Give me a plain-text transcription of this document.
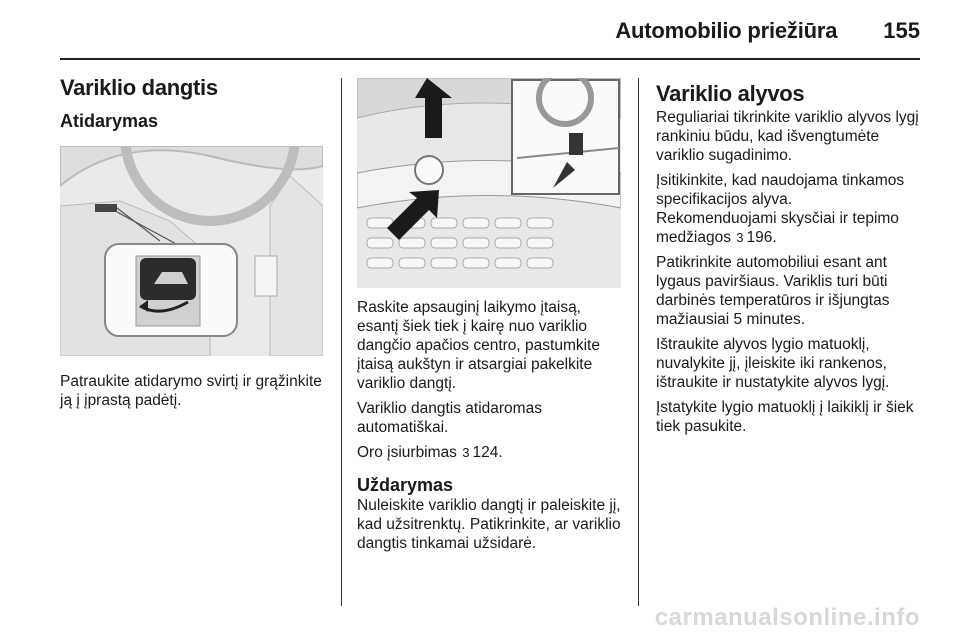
Automobilio priežiūra 155
Variklio dangtis
Atidarymas

Patraukite atidarymo svirtį ir grąžinkite ją į įprastą padėtį.

Raskite apsauginį laikymo įtaisą, esantį šiek tiek į kairę nuo variklio dangčio apačios centro, pastumkite įtaisą aukštyn ir atsargiai pakelkite variklio dangtį.

Variklio dangtis atidaromas automatiškai.

Oro įsiurbimas 3 124.

Uždarymas

Nuleiskite variklio dangtį ir paleiskite jį, kad užsitrenktų. Patikrinkite, ar variklio dangtis tinkamai užsidarė.

Variklio alyvos

Reguliariai tikrinkite variklio alyvos lygį rankiniu būdu, kad išvengtumėte variklio sugadinimo.

Įsitikinkite, kad naudojama tinkamos specifikacijos alyva.

Rekomenduojami skysčiai ir tepimo medžiagos 3 196.

Patikrinkite automobiliui esant ant lygaus paviršiaus. Variklis turi būti darbinės temperatūros ir išjungtas mažiausiai 5 minutes.

Ištraukite alyvos lygio matuoklį, nuvalykite jį, įleiskite iki rankenos, ištraukite ir nustatykite alyvos lygį.

Įstatykite lygio matuoklį į laikiklį ir šiek tiek pasukite.

carmanualsonline.info
